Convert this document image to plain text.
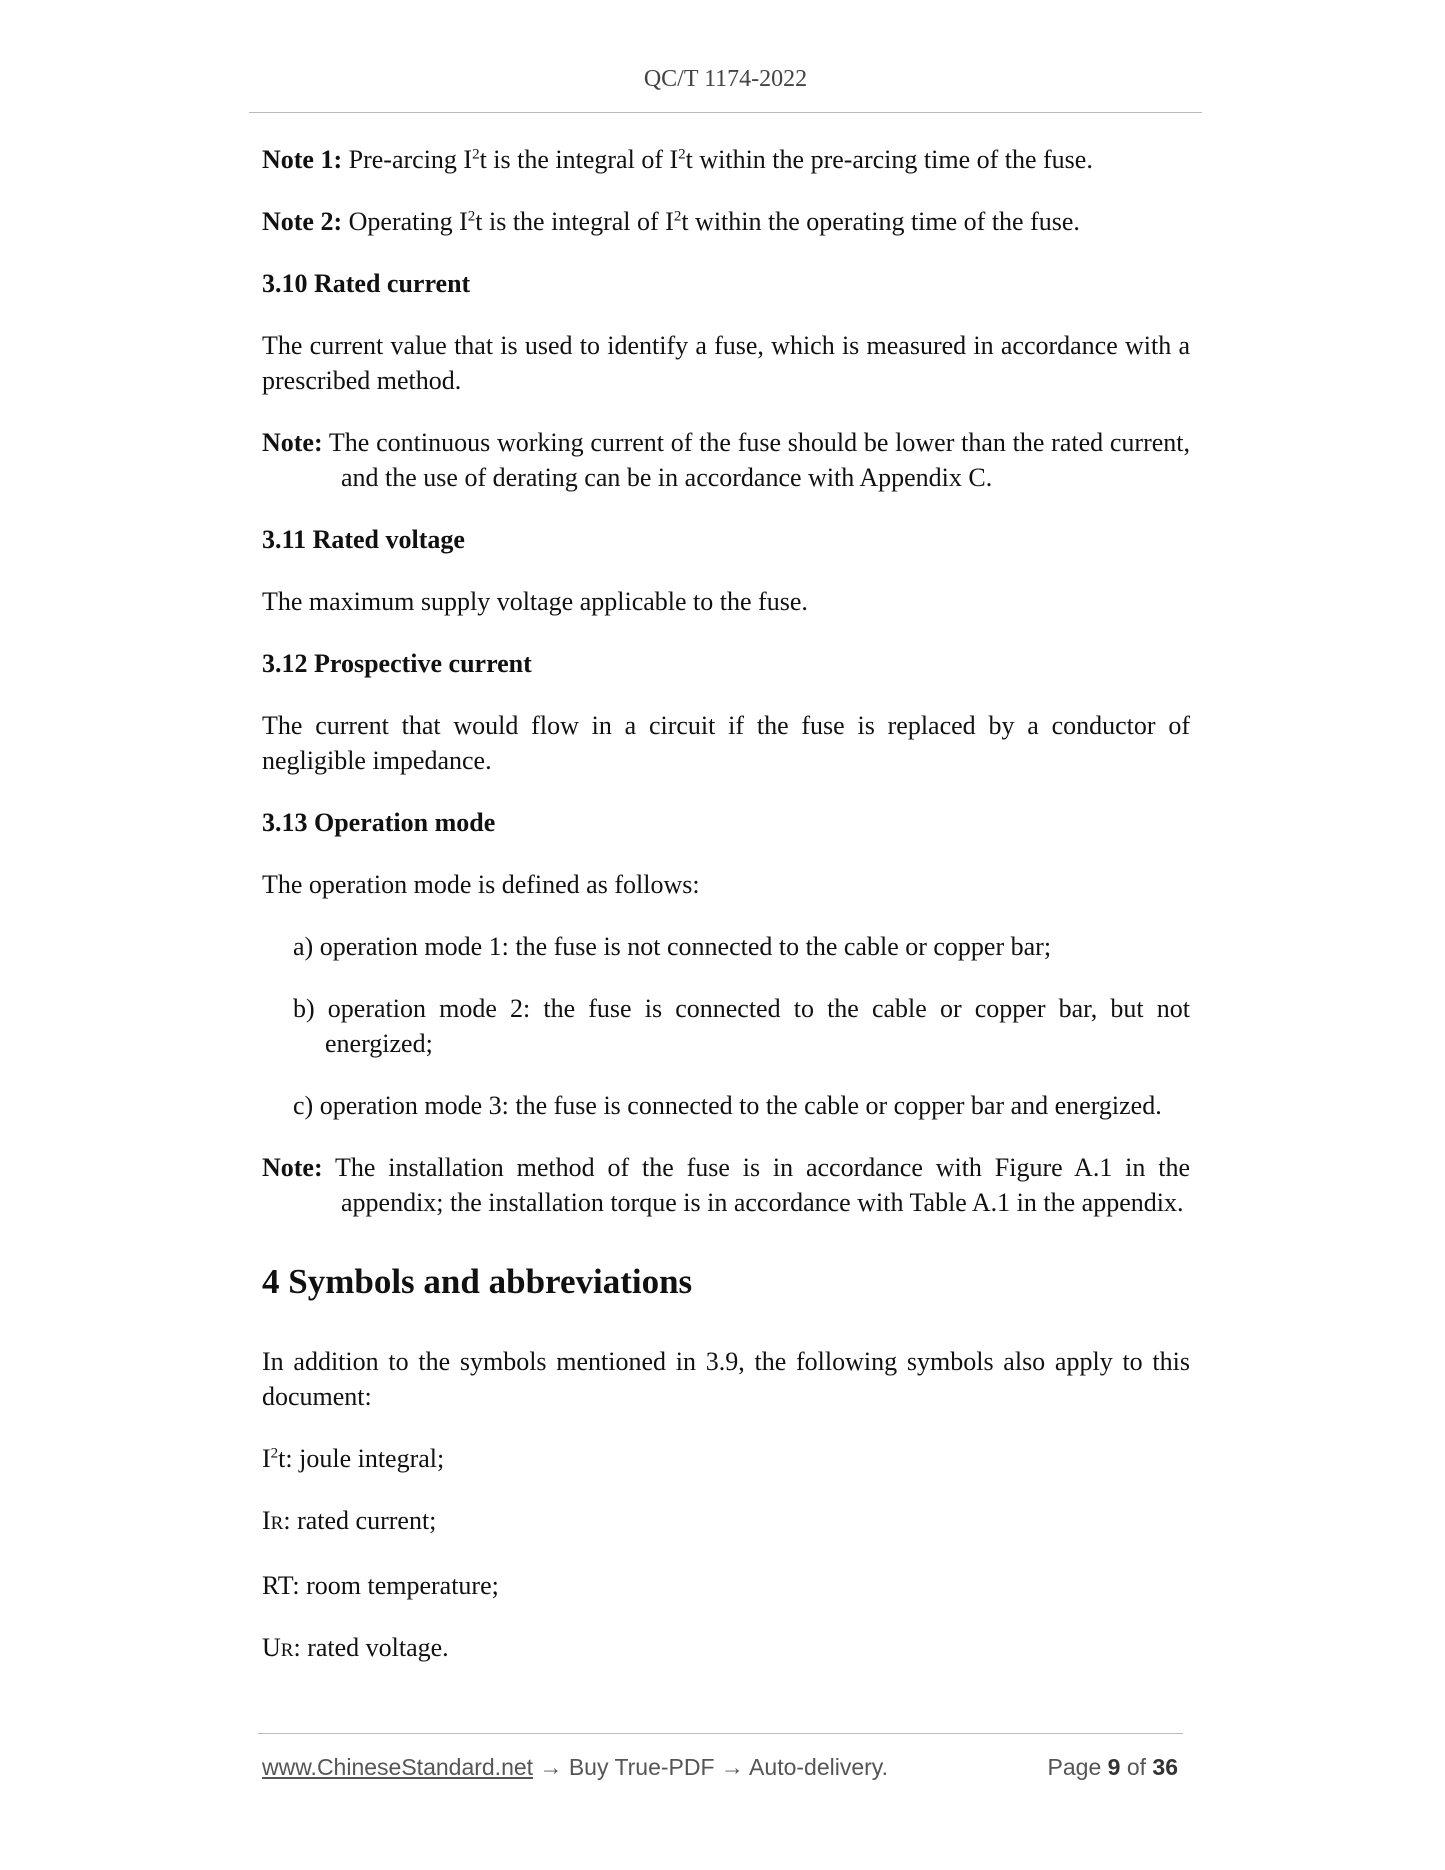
QC/T 1174-2022

Note 1: Pre-arcing $I^2t$ is the integral of $I^2t$ within the pre-arcing time of the fuse.

Note 2: Operating $I^2t$ is the integral of $I^2t$ within the operating time of the fuse.

3.10 Rated current

The current value that is used to identify a fuse, which is measured in accordance with a prescribed method.

Note: The continuous working current of the fuse should be lower than the rated current, and the use of derating can be in accordance with Appendix C.

3.11 Rated voltage

The maximum supply voltage applicable to the fuse.

3.12 Prospective current

The current that would flow in a circuit if the fuse is replaced by a conductor of negligible impedance.

3.13 Operation mode

The operation mode is defined as follows:

a) operation mode 1: the fuse is not connected to the cable or copper bar;

b) operation mode 2: the fuse is connected to the cable or copper bar, but not energized;

c) operation mode 3: the fuse is connected to the cable or copper bar and energized.

Note: The installation method of the fuse is in accordance with Figure A.1 in the appendix; the installation torque is in accordance with Table A.1 in the appendix.

4 Symbols and abbreviations

In addition to the symbols mentioned in 3.9, the following symbols also apply to this document:

$I^2t$: joule integral;

IR: rated current;

RT: room temperature;

UR: rated voltage.

www.ChineseStandard.net → Buy True-PDF → Auto-delivery.	Page 9 of 36
